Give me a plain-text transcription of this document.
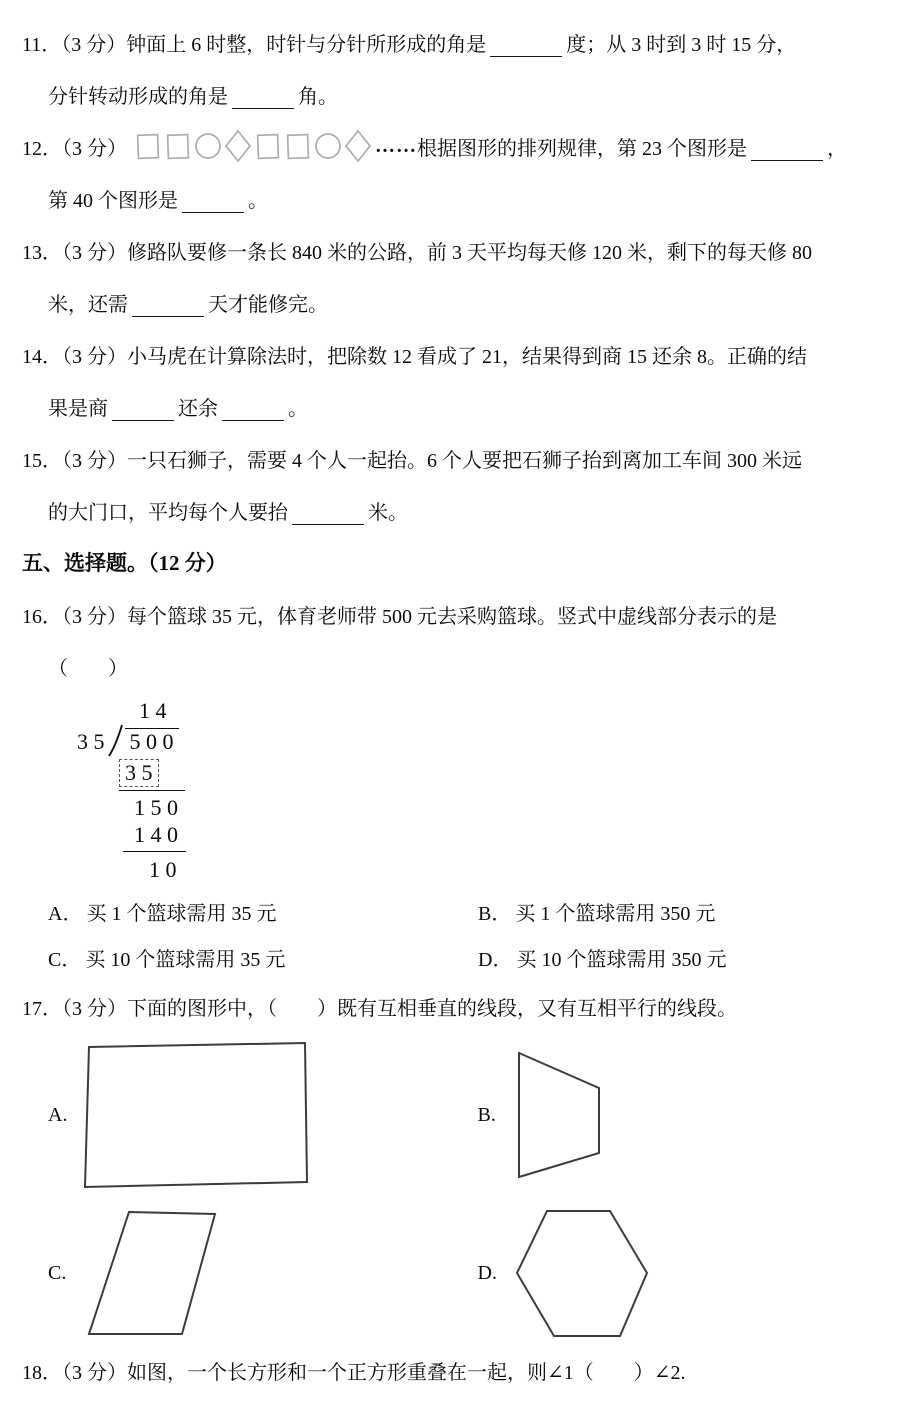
11．（3 分）钟面上 6 时整，时针与分针所形成的角是	度；从 3 时到 3 时 15 分，
分针转动形成的角是	角。
12．（3 分）	…… 根据图形的排列规律，第 23 个图形是	，
第 40 个图形是	。
13．（3 分）修路队要修一条长 840 米的公路，前 3 天平均每天修 120 米，剩下的每天修 80
米，还需	天才能修完。
14．（3 分）小马虎在计算除法时，把除数 12 看成了 21，结果得到商 15 还余 8。正确的结
果是商	还余	。
15．（3 分）一只石狮子，需要 4 个人一起抬。6 个人要把石狮子抬到离加工车间 300 米远
的大门口，平均每个人要抬	米。
五、选择题。（12 分）
16．（3 分）每个篮球 35 元，体育老师带 500 元去采购篮球。竖式中虚线部分表示的是
（　　）
1 4
3 5 5 0 0
3 5
1 5 0
1 4 0
1 0
A． 买 1 个篮球需用 35 元	B． 买 1 个篮球需用 350 元
C． 买 10 个篮球需用 35 元	D． 买 10 个篮球需用 350 元
17．（3 分）下面的图形中，（　　）既有互相垂直的线段，又有互相平行的线段。
A.	B.
C.	D.
18．（3 分）如图，一个长方形和一个正方形重叠在一起，则∠1（　　）∠2.
